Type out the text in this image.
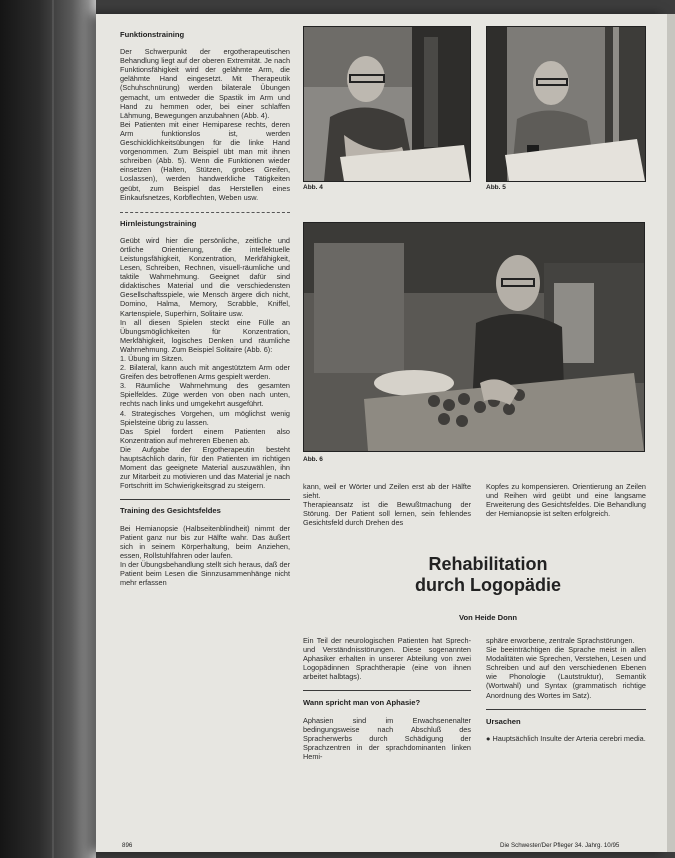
Funktionstraining

Der Schwerpunkt der ergotherapeutischen Behandlung liegt auf der oberen Extremität. Je nach Funktionsfähigkeit wird der gelähmte Arm, die gelähmte Hand eingesetzt. Mit Therapeutik (Schuhschnürung) werden bilaterale Übungen gemacht, um entweder die Spastik im Arm und Hand zu hemmen oder, bei einer schlaffen Lähmung, Bewegungen anzubahnen (Abb. 4).

Bei Patienten mit einer Hemiparese rechts, deren Arm funktionslos ist, werden Geschicklichkeitsübungen für die linke Hand vorgenommen. Zum Beispiel übt man mit ihnen schreiben (Abb. 5). Wenn die Funktionen wieder einsetzen (Halten, Stützen, grobes Greifen, Loslassen), werden handwerkliche Tätigkeiten geübt, zum Beispiel das Herstellen eines Einkaufsnetzes, Korbflechten, Weben usw.

Hirnleistungstraining

Geübt wird hier die persönliche, zeitliche und örtliche Orientierung, die intellektuelle Leistungsfähigkeit, Konzentration, Merkfähigkeit, Lesen, Schreiben, Rechnen, visuell-räumliche und taktile Wahrnehmung. Geeignet dafür sind didaktisches Material und die verschiedensten Gesellschaftsspiele, wie Mensch ärgere dich nicht, Domino, Halma, Memory, Scrabble, Kniffel, Kartenspiele, Superhirn, Solitaire usw.

In all diesen Spielen steckt eine Fülle an Übungsmöglichkeiten für Konzentration, Merkfähigkeit, logisches Denken und räumliche Wahrnehmung. Zum Beispiel Solitaire (Abb. 6):

1. Übung im Sitzen.

2. Bilateral, kann auch mit angestütztem Arm oder Greifen des betroffenen Arms gespielt werden.

3. Räumliche Wahrnehmung des gesamten Spielfeldes. Züge werden von oben nach unten, rechts nach links und umgekehrt ausgeführt.

4. Strategisches Vorgehen, um möglichst wenig Spielsteine übrig zu lassen.

Das Spiel fordert einem Patienten also Konzentration auf mehreren Ebenen ab.

Die Aufgabe der Ergotherapeutin besteht hauptsächlich darin, für den Patienten im richtigen Moment das geeignete Material auszuwählen, ihn zur Mitarbeit zu motivieren und das Material je nach Fortschritt im Schwierigkeitsgrad zu steigern.

Training des Gesichtsfeldes

Bei Hemianopsie (Halbseitenblindheit) nimmt der Patient ganz nur bis zur Hälfte wahr. Das äußert sich in seinem Körperhaltung, beim Anziehen, essen, Rollstuhlfahren oder laufen.

In der Übungsbehandlung stellt sich heraus, daß der Patient beim Lesen die Sinnzusammenhänge nicht mehr erfassen

Abb. 4	Abb. 5
Abb. 6

kann, weil er Wörter und Zeilen erst ab der Hälfte sieht.

Therapieansatz ist die Bewußtmachung der Störung. Der Patient soll lernen, sein fehlendes Gesichtsfeld durch Drehen des

Kopfes zu kompensieren. Orientierung an Zeilen und Reihen wird geübt und eine langsame Erweiterung des Gesichtsfeldes. Die Behandlung der Hemianopsie ist selten erfolgreich.

Rehabilitation
durch Logopädie
Von Heide Donn

Ein Teil der neurologischen Patienten hat Sprech- und Verständnisstörungen. Diese sogenannten Aphasiker erhalten in unserer Abteilung von zwei Logopädinnen Sprachtherapie (eine von ihnen arbeitet halbtags).

Wann spricht man von Aphasie?

Aphasien sind im Erwachsenenalter bedingungsweise nach Abschluß des Spracherwerbs durch Schädigung der Sprachzentren in der sprachdominanten linken Hemi-

sphäre erworbene, zentrale Sprachstörungen.

Sie beeinträchtigen die Sprache meist in allen Modalitäten wie Sprechen, Verstehen, Lesen und Schreiben und auf den verschiedenen Ebenen wie Phonologie (Lautstruktur), Semantik (Wortwahl) und Syntax (grammatisch richtige Anordnung des Wortes im Satz).

Ursachen

● Hauptsächlich Insulte der Arteria cerebri media.

896	Die Schwester/Der Pfleger 34. Jahrg. 10/95
